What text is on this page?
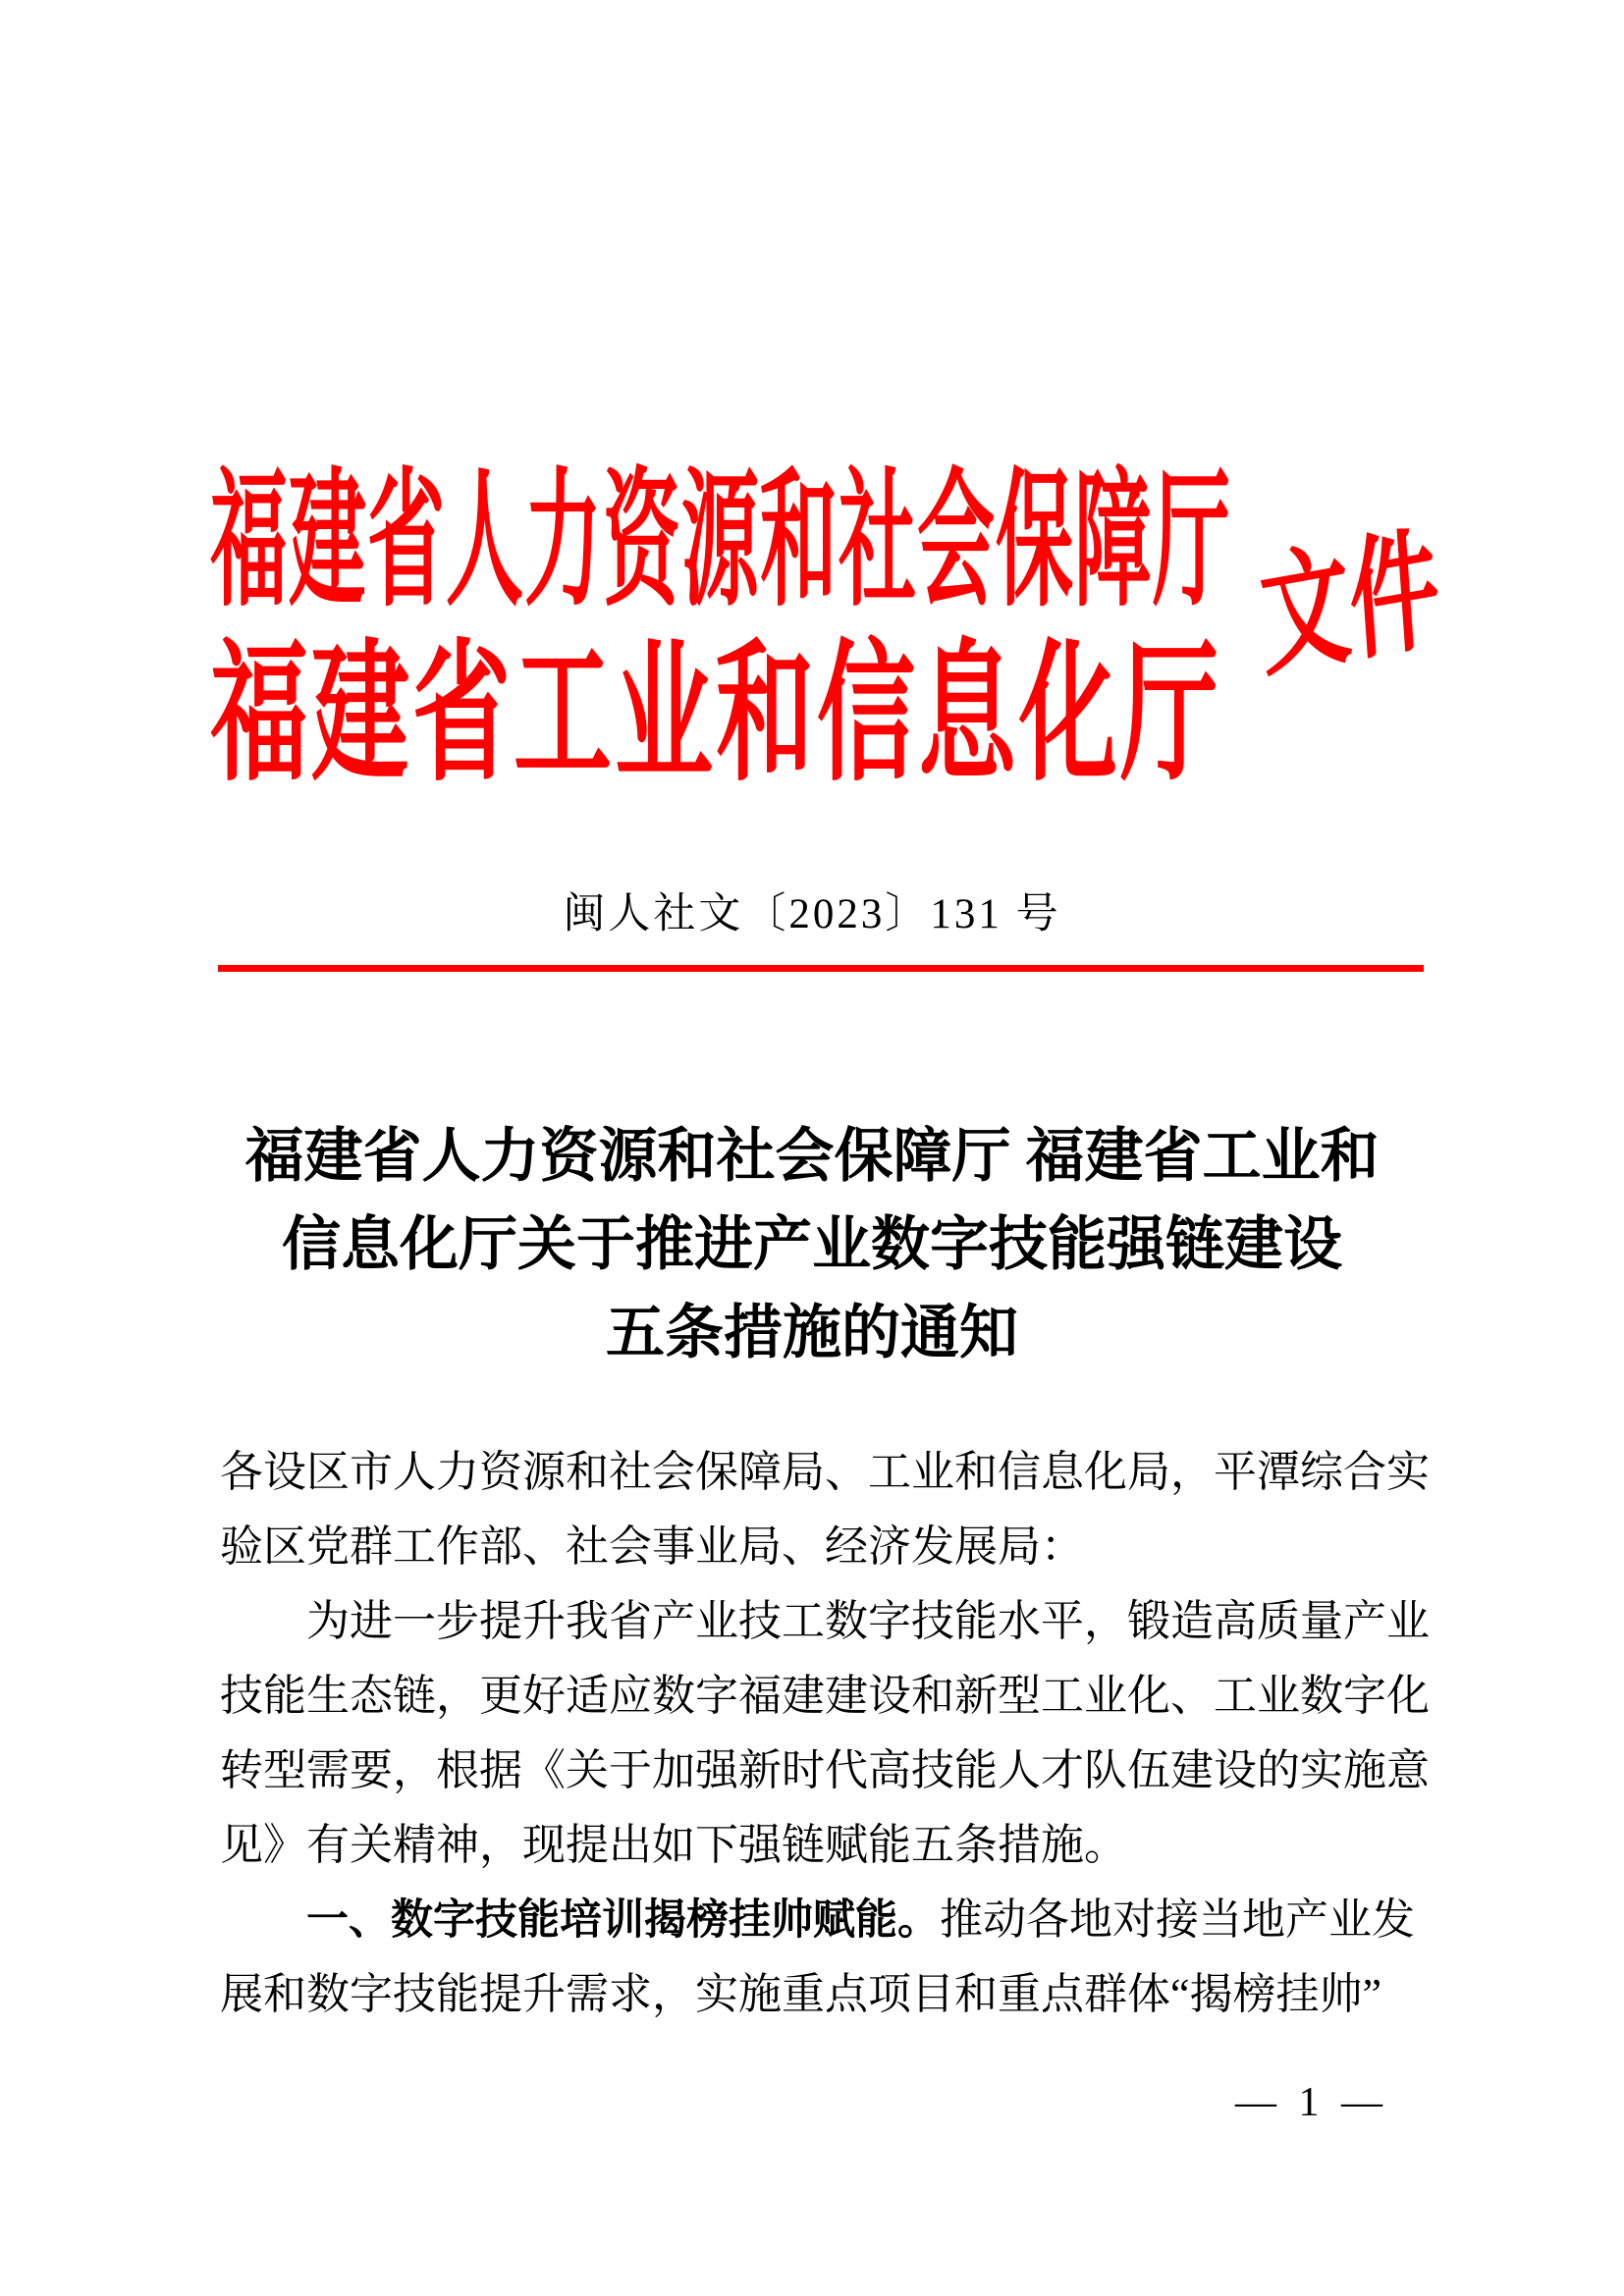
福建省人力资源和社会保障厅
福建省工业和信息化厅
文件
闽人社文〔2023〕131 号
福建省人力资源和社会保障厅 福建省工业和
信息化厅关于推进产业数字技能强链建设
五条措施的通知
各设区市人力资源和社会保障局、工业和信息化局，平潭综合实
验区党群工作部、社会事业局、经济发展局：
为进一步提升我省产业技工数字技能水平，锻造高质量产业
技能生态链，更好适应数字福建建设和新型工业化、工业数字化
转型需要，根据《关于加强新时代高技能人才队伍建设的实施意
见》有关精神，现提出如下强链赋能五条措施。
一、数字技能培训揭榜挂帅赋能。推动各地对接当地产业发
展和数字技能提升需求，实施重点项目和重点群体“揭榜挂帅”
— 1 —
